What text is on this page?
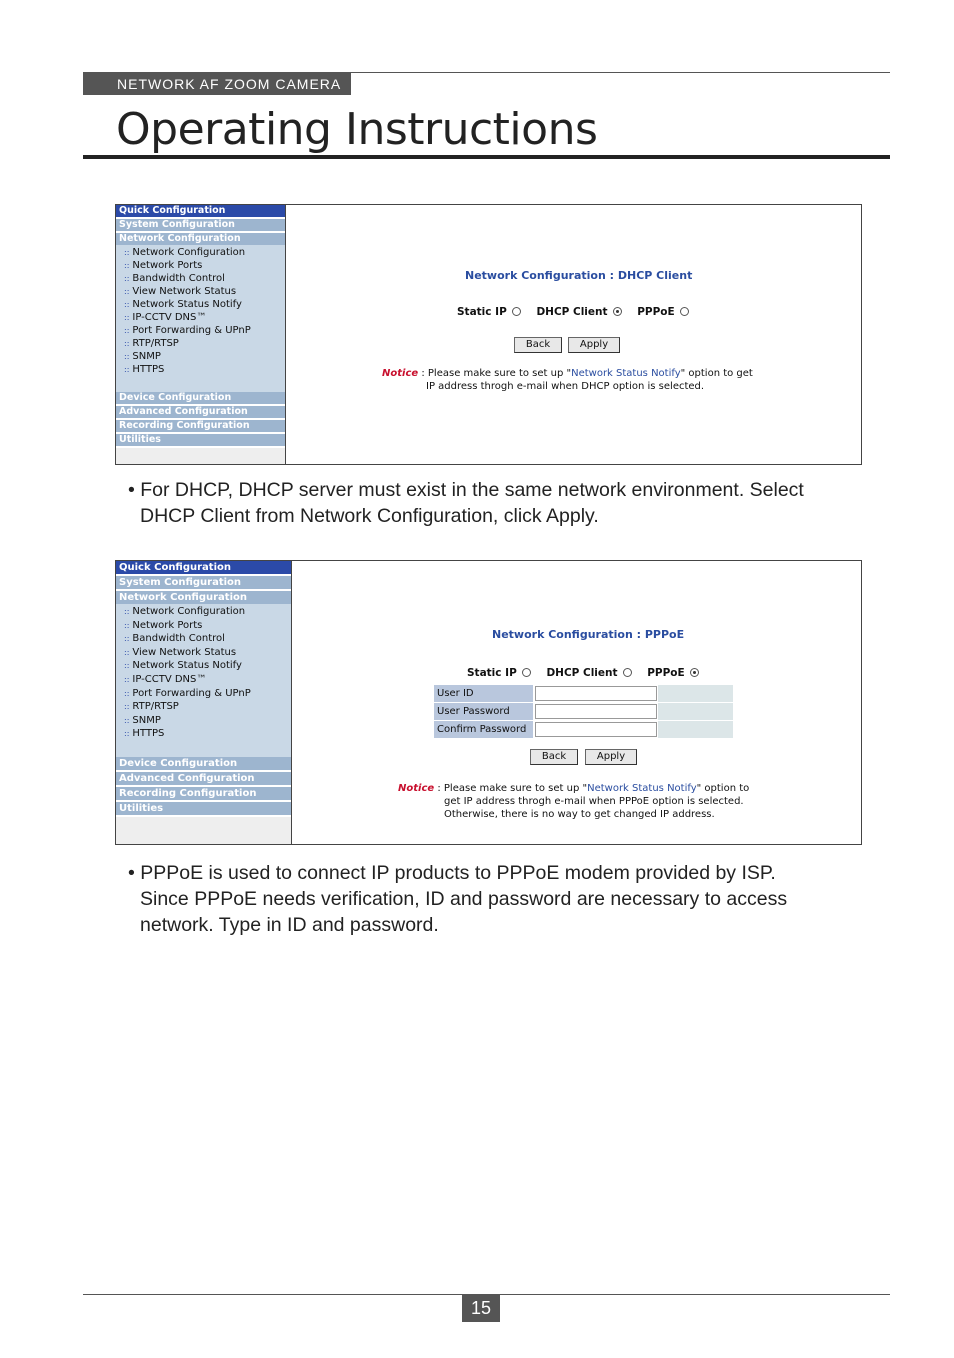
NETWORK AF ZOOM CAMERA
Operating Instructions
Quick Configuration
System Configuration
Network Configuration
:: Network Configuration
:: Network Ports
:: Bandwidth Control
:: View Network Status
:: Network Status Notify
:: IP-CCTV DNS™
:: Port Forwarding & UPnP
:: RTP/RTSP
:: SNMP
:: HTTPS
Device Configuration
Advanced Configuration
Recording Configuration
Utilities
Network Configuration : DHCP Client
Static IP	DHCP Client	PPPoE
Back	Apply
Notice : Please make sure to set up "Network Status Notify" option to get
IP address throgh e-mail when DHCP option is selected.
• For DHCP, DHCP server must exist in the same network environment. Select
DHCP Client from Network Configuration, click Apply.
Quick Configuration
System Configuration
Network Configuration
:: Network Configuration
:: Network Ports
:: Bandwidth Control
:: View Network Status
:: Network Status Notify
:: IP-CCTV DNS™
:: Port Forwarding & UPnP
:: RTP/RTSP
:: SNMP
:: HTTPS
Device Configuration
Advanced Configuration
Recording Configuration
Utilities
Network Configuration : PPPoE
Static IP	DHCP Client	PPPoE
User ID
User Password
Confirm Password
Back	Apply
Notice : Please make sure to set up "Network Status Notify" option to
get IP address throgh e-mail when PPPoE option is selected.
Otherwise, there is no way to get changed IP address.
• PPPoE is used to connect IP products to PPPoE modem provided by ISP.
Since PPPoE needs verification, ID and password are necessary to access
network. Type in ID and password.
15
